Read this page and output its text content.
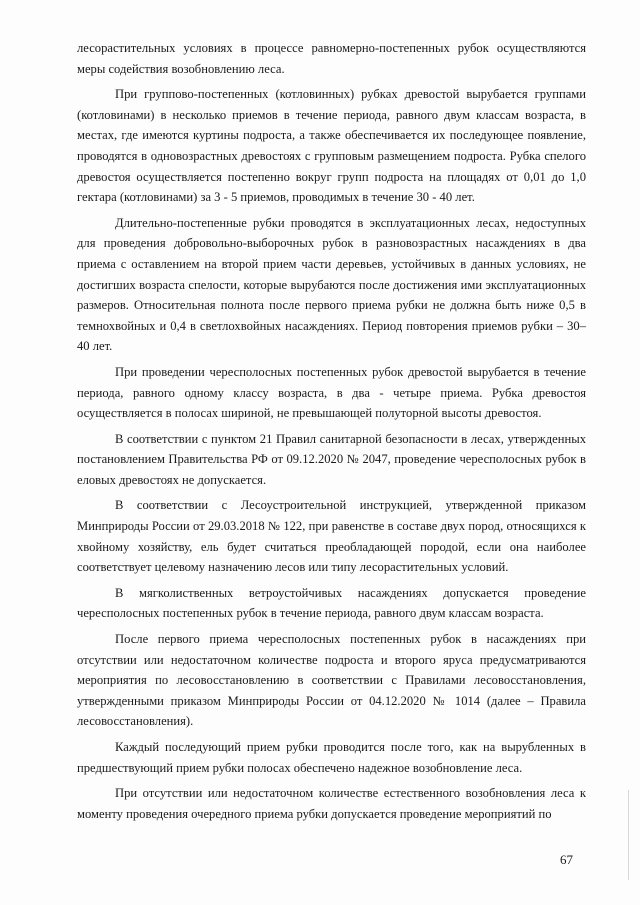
лесорастительных условиях в процессе равномерно-постепенных рубок осуществляются меры содействия возобновлению леса.

При группово-постепенных (котловинных) рубках древостой вырубается группами (котловинами) в несколько приемов в течение периода, равного двум классам возраста, в местах, где имеются куртины подроста, а также обеспечивается их последующее появление, проводятся в одновозрастных древостоях с групповым размещением подроста. Рубка спелого древостоя осуществляется постепенно вокруг групп подроста на площадях от 0,01 до 1,0 гектара (котловинами) за 3 - 5 приемов, проводимых в течение 30 - 40 лет.

Длительно-постепенные рубки проводятся в эксплуатационных лесах, недоступных для проведения добровольно-выборочных рубок в разновозрастных насаждениях в два приема с оставлением на второй прием части деревьев, устойчивых в данных условиях, не достигших возраста спелости, которые вырубаются после достижения ими эксплуатационных размеров. Относительная полнота после первого приема рубки не должна быть ниже 0,5 в темнохвойных и 0,4 в светлохвойных насаждениях. Период повторения приемов рубки – 30–40 лет.

При проведении чересполосных постепенных рубок древостой вырубается в течение периода, равного одному классу возраста, в два - четыре приема. Рубка древостоя осуществляется в полосах шириной, не превышающей полуторной высоты древостоя.

В соответствии с пунктом 21 Правил санитарной безопасности в лесах, утвержденных постановлением Правительства РФ от 09.12.2020 № 2047, проведение чересполосных рубок в еловых древостоях не допускается.

В соответствии с Лесоустроительной инструкцией, утвержденной приказом Минприроды России от 29.03.2018 № 122, при равенстве в составе двух пород, относящихся к хвойному хозяйству, ель будет считаться преобладающей породой, если она наиболее соответствует целевому назначению лесов или типу лесорастительных условий.

В мягколиственных ветроустойчивых насаждениях допускается проведение чересполосных постепенных рубок в течение периода, равного двум классам возраста.

После первого приема чересполосных постепенных рубок в насаждениях при отсутствии или недостаточном количестве подроста и второго яруса предусматриваются мероприятия по лесовосстановлению в соответствии с Правилами лесовосстановления, утвержденными приказом Минприроды России от 04.12.2020 № 1014 (далее – Правила лесовосстановления).

Каждый последующий прием рубки проводится после того, как на вырубленных в предшествующий прием рубки полосах обеспечено надежное возобновление леса.

При отсутствии или недостаточном количестве естественного возобновления леса к моменту проведения очередного приема рубки допускается проведение мероприятий по

67
